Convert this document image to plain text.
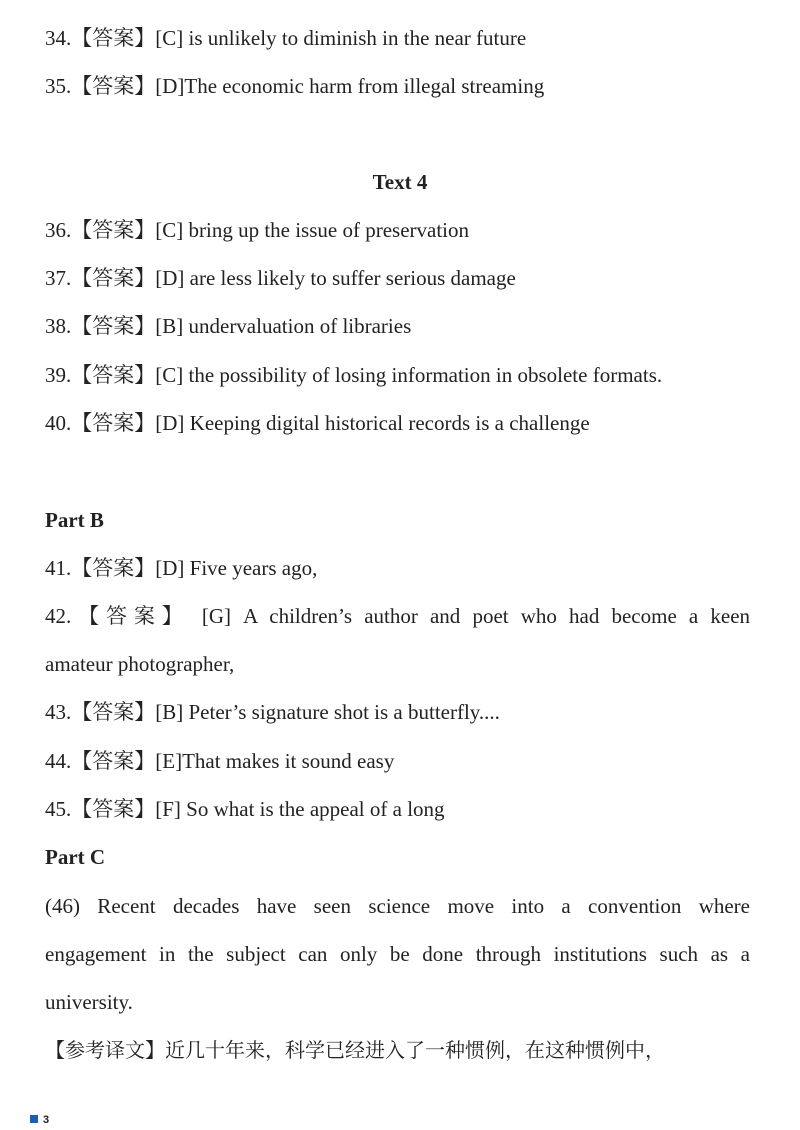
34.【答案】[C] is unlikely to diminish in the near future
35.【答案】[D]The economic harm from illegal streaming
Text 4
36.【答案】[C] bring up the issue of preservation
37.【答案】[D] are less likely to suffer serious damage
38.【答案】[B] undervaluation of libraries
39.【答案】[C] the possibility of losing information in obsolete formats.
40.【答案】[D] Keeping digital historical records is a challenge
Part B
41.【答案】[D] Five years ago,
42.【答案】 [G] A children’s author and poet who had become a keen
amateur photographer,
43.【答案】[B] Peter’s signature shot is a butterfly....
44.【答案】[E]That makes it sound easy
45.【答案】[F] So what is the appeal of a long
Part C
(46) Recent decades have seen science move into a convention where
engagement in the subject can only be done through institutions such as a
university.
【参考译文】近几十年来，科学已经进入了一种惯例，在这种惯例中，
3
